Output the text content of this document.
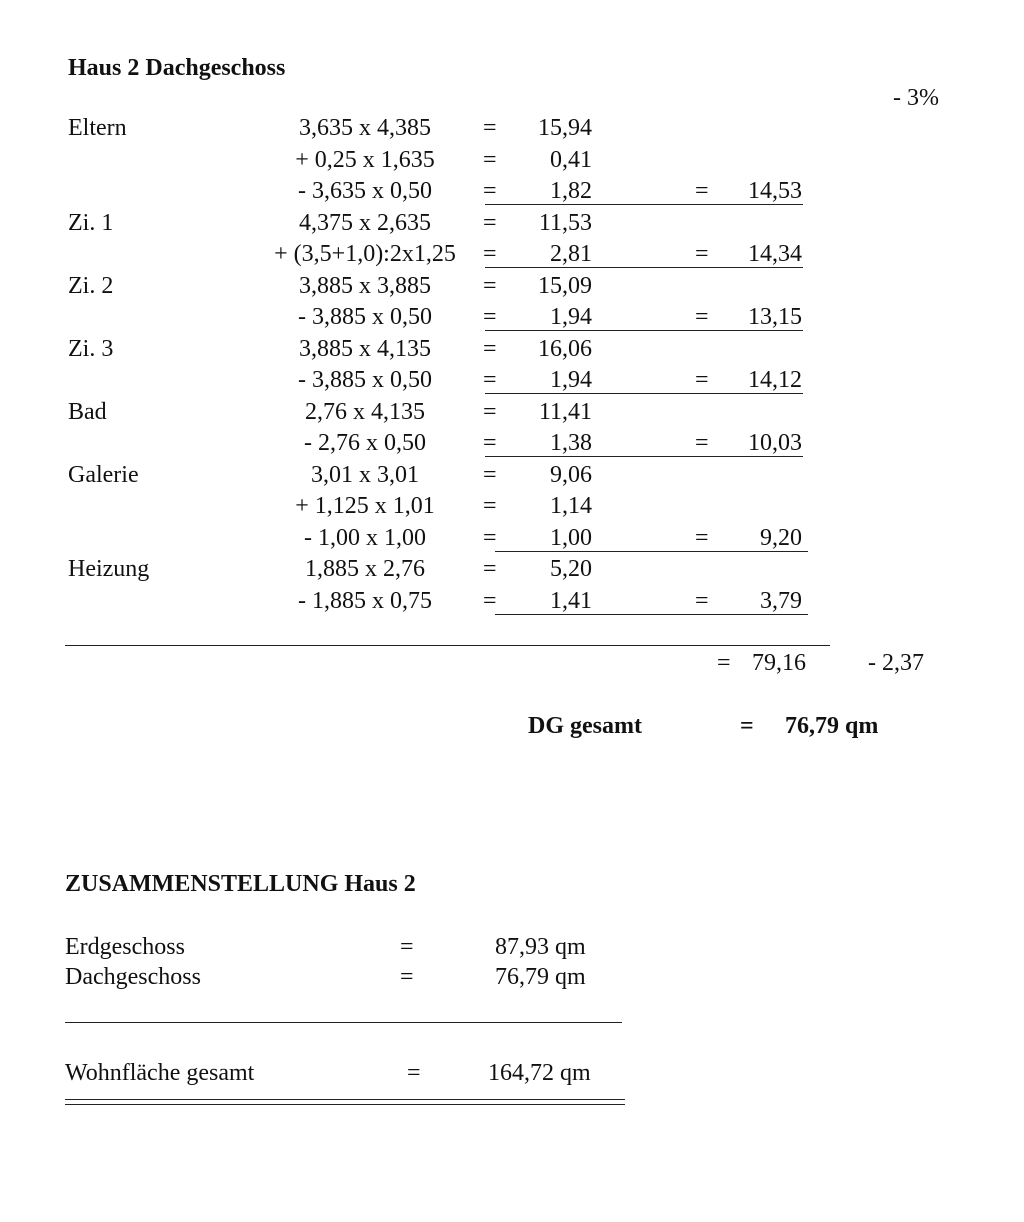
Haus 2 Dachgeschoss
- 3%
Eltern	3,635 x 4,385	=	15,94
+ 0,25 x 1,635	=	0,41
- 3,635 x 0,50	=	1,82	=	14,53
Zi. 1	4,375 x 2,635	=	11,53
+ (3,5+1,0):2x1,25	=	2,81	=	14,34
Zi. 2	3,885 x 3,885	=	15,09
- 3,885 x 0,50	=	1,94	=	13,15
Zi. 3	3,885 x 4,135	=	16,06
- 3,885 x 0,50	=	1,94	=	14,12
Bad	2,76 x 4,135	=	11,41
- 2,76 x 0,50	=	1,38	=	10,03
Galerie	3,01 x 3,01	=	9,06
+ 1,125 x 1,01	=	1,14
- 1,00 x 1,00	=	1,00	=	9,20
Heizung	1,885 x 2,76	=	5,20
- 1,885 x 0,75	=	1,41	=	3,79
= 79,16	- 2,37
DG gesamt	= 76,79 qm
ZUSAMMENSTELLUNG Haus 2
Erdgeschoss	=	87,93 qm
Dachgeschoss	=	76,79 qm
Wohnfläche gesamt	=	164,72 qm
